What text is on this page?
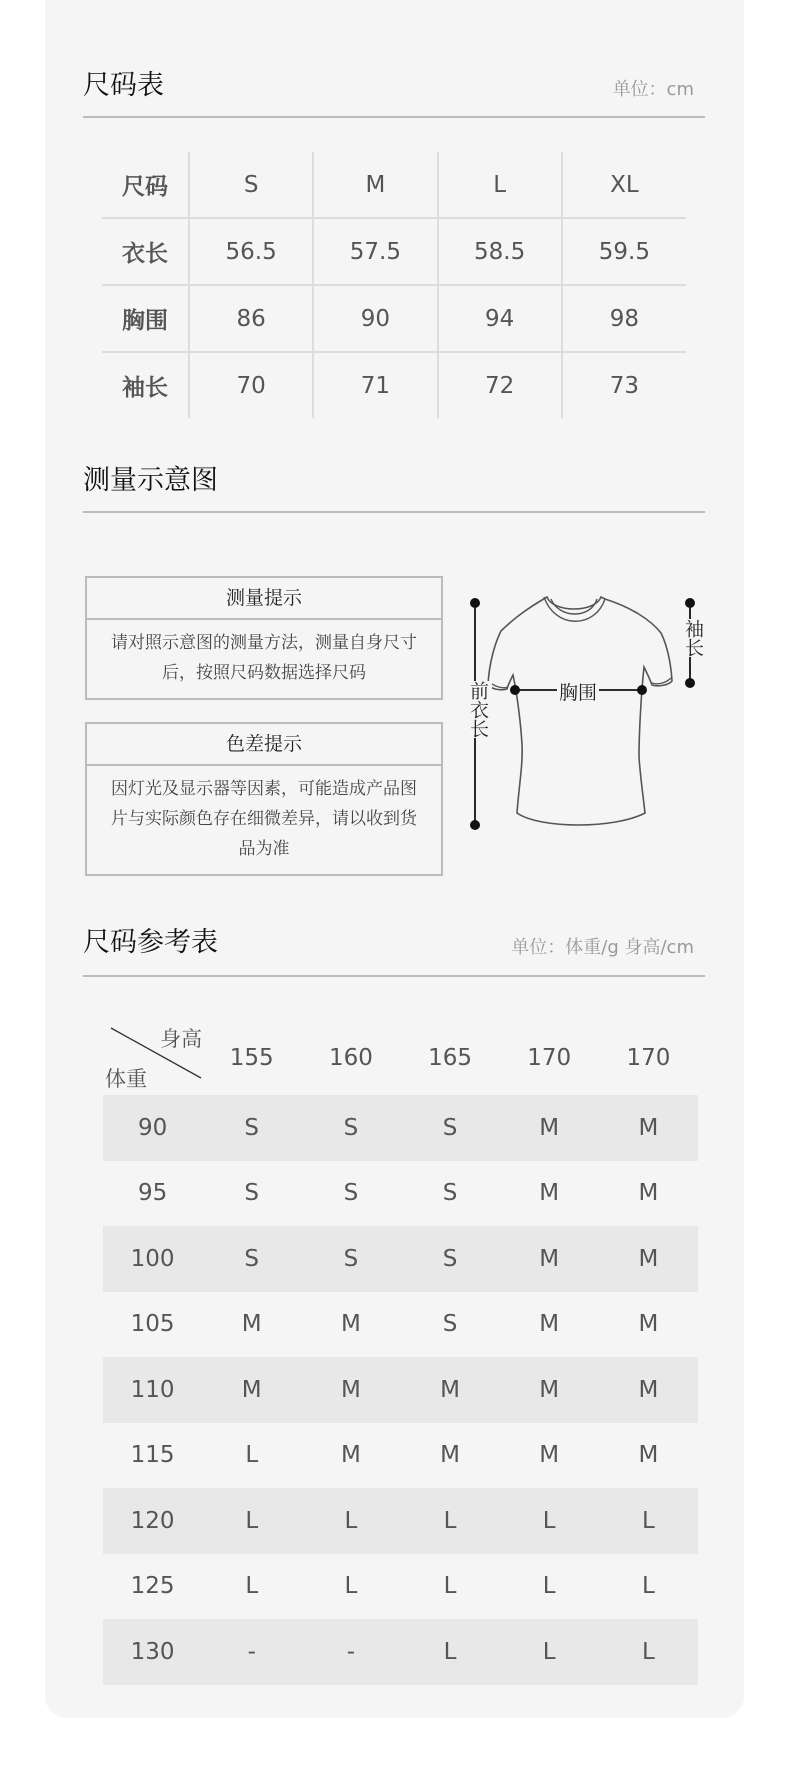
尺码表	单位：cm
尺码	S	M	L	XL
衣长	56.5	57.5	58.5	59.5
胸围	86	90	94	98
袖长	70	71	72	73
测量示意图
测量提示
请对照示意图的测量方法，测量自身尺寸后，按照尺码数据选择尺码
色差提示
因灯光及显示器等因素，可能造成产品图片与实际颜色存在细微差异，请以收到货品为准
前衣长	胸围
袖长
尺码参考表	单位：体重/g 身高/cm
身高
体重	155	160	165	170	170
90	S	S	S	M	M
95	S	S	S	M	M
100	S	S	S	M	M
105	M	M	S	M	M
110	M	M	M	M	M
115	L	M	M	M	M
120	L	L	L	L	L
125	L	L	L	L	L
130	-	-	L	L	L
